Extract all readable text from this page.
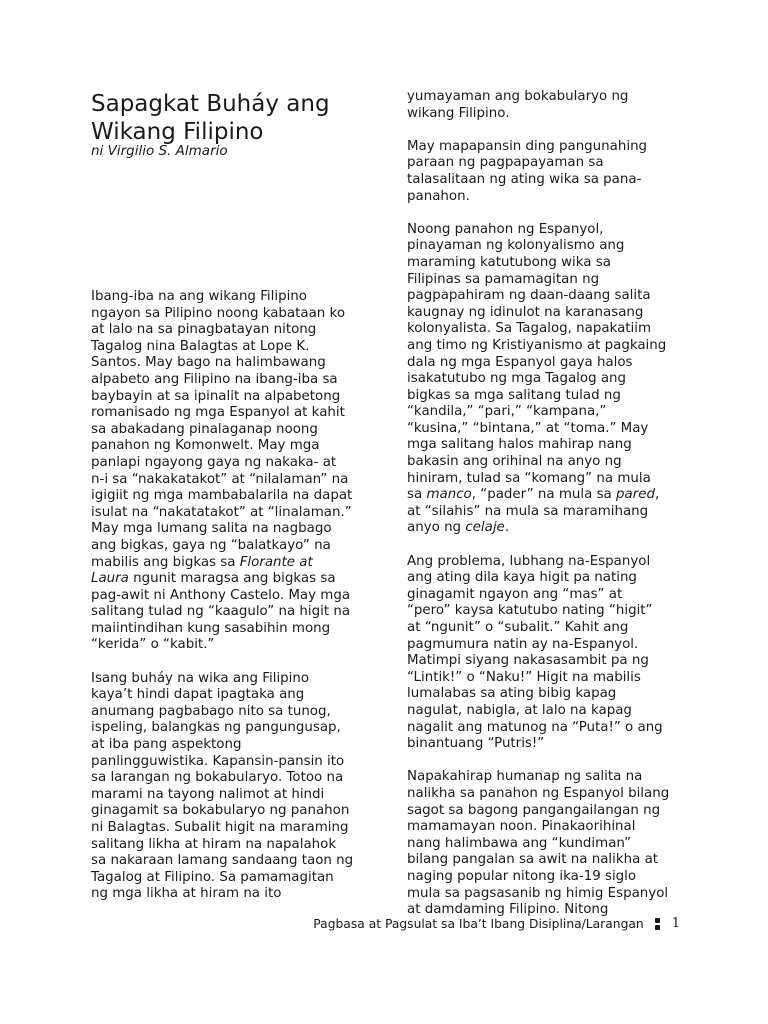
Sapagkat Buháy ang Wikang Filipino

ni Virgilio S. Almario

Ibang-iba na ang wikang Filipino
ngayon sa Pilipino noong kabataan ko
at lalo na sa pinagbatayan nitong
Tagalog nina Balagtas at Lope K.
Santos. May bago na halimbawang
alpabeto ang Filipino na ibang-iba sa
baybayin at sa ipinalit na alpabetong
romanisado ng mga Espanyol at kahit
sa abakadang pinalaganap noong
panahon ng Komonwelt. May mga
panlapi ngayong gaya ng nakaka- at
n-i sa “nakakatakot” at “nilalaman” na
igigiit ng mga mambabalarila na dapat
isulat na “nakatatakot” at “linalaman.”
May mga lumang salita na nagbago
ang bigkas, gaya ng “balatkayo” na
mabilis ang bigkas sa Florante at
Laura ngunit maragsa ang bigkas sa
pag-awit ni Anthony Castelo. May mga
salitang tulad ng “kaagulo” na higit na
maiintindihan kung sasabihin mong
“kerida” o “kabit.”

Isang buháy na wika ang Filipino
kaya’t hindi dapat ipagtaka ang
anumang pagbabago nito sa tunog,
ispeling, balangkas ng pangungusap,
at iba pang aspektong
panlingguwistika. Kapansin-pansin ito
sa larangan ng bokabularyo. Totoo na
marami na tayong nalimot at hindi
ginagamit sa bokabularyo ng panahon
ni Balagtas. Subalit higit na maraming
salitang likha at hiram na napalahok
sa nakaraan lamang sandaang taon ng
Tagalog at Filipino. Sa pamamagitan
ng mga likha at hiram na ito

yumayaman ang bokabularyo ng
wikang Filipino.

May mapapansin ding pangunahing
paraan ng pagpapayaman sa
talasalitaan ng ating wika sa pana-
panahon.

Noong panahon ng Espanyol,
pinayaman ng kolonyalismo ang
maraming katutubong wika sa
Filipinas sa pamamagitan ng
pagpapahiram ng daan-daang salita
kaugnay ng idinulot na karanasang
kolonyalista. Sa Tagalog, napakatiim
ang timo ng Kristiyanismo at pagkaing
dala ng mga Espanyol gaya halos
isakatutubo ng mga Tagalog ang
bigkas sa mga salitang tulad ng
“kandila,” “pari,” “kampana,”
“kusina,” “bintana,” at “toma.” May
mga salitang halos mahirap nang
bakasin ang orihinal na anyo ng
hiniram, tulad sa “komang” na mula
sa manco, “pader” na mula sa pared,
at “silahis” na mula sa maramihang
anyo ng celaje.

Ang problema, lubhang na-Espanyol
ang ating dila kaya higit pa nating
ginagamit ngayon ang “mas” at
“pero” kaysa katutubo nating “higit”
at “ngunit” o “subalit.” Kahit ang
pagmumura natin ay na-Espanyol.
Matimpi siyang nakasasambit pa ng
“Lintik!” o “Naku!” Higit na mabilis
lumalabas sa ating bibig kapag
nagulat, nabigla, at lalo na kapag
nagalit ang matunog na “Puta!” o ang
binantuang “Putris!”

Napakahirap humanap ng salita na
nalikha sa panahon ng Espanyol bilang
sagot sa bagong pangangailangan ng
mamamayan noon. Pinakaorihinal
nang halimbawa ang “kundiman”
bilang pangalan sa awit na nalikha at
naging popular nitong ika-19 siglo
mula sa pagsasanib ng himig Espanyol
at damdaming Filipino. Nitong

Pagbasa at Pagsulat sa Iba’t Ibang Disiplina/Larangan 1
